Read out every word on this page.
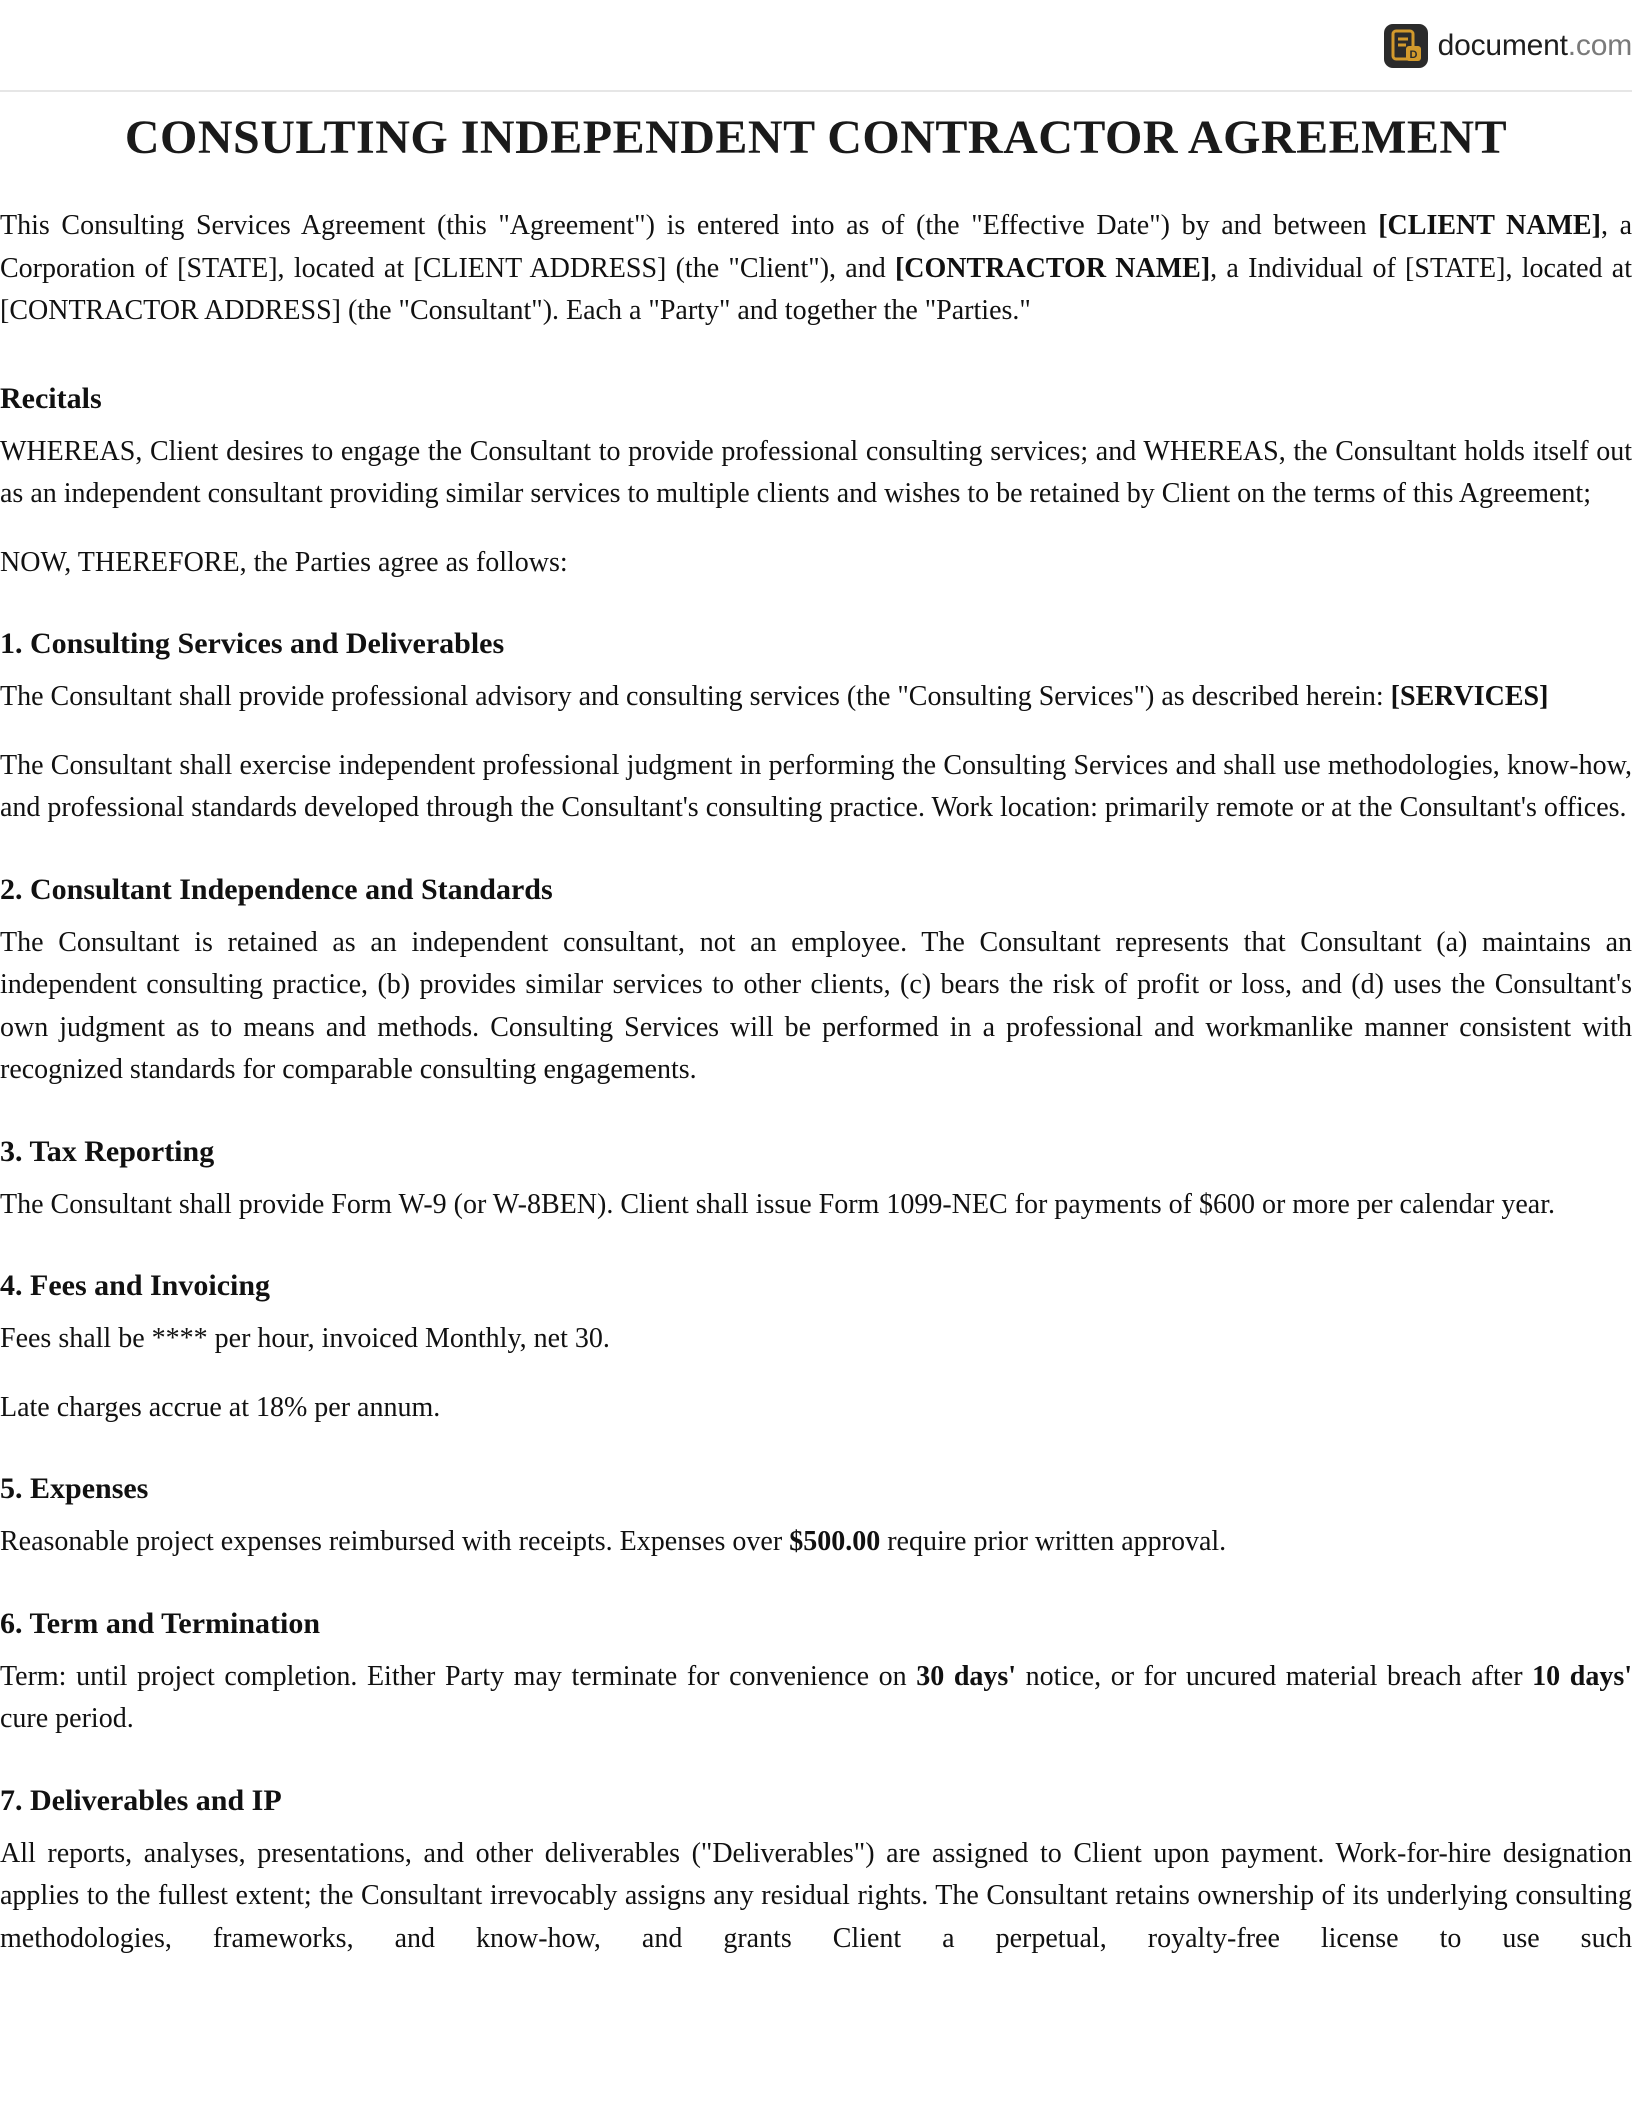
D document.com
CONSULTING INDEPENDENT CONTRACTOR AGREEMENT

This Consulting Services Agreement (this "Agreement") is entered into as of (the "Effective Date") by and between [CLIENT NAME], a Corporation of [STATE], located at [CLIENT ADDRESS] (the "Client"), and [CONTRACTOR NAME], a Individual of [STATE], located at [CONTRACTOR ADDRESS] (the "Consultant"). Each a "Party" and together the "Parties."

Recitals

WHEREAS, Client desires to engage the Consultant to provide professional consulting services; and WHEREAS, the Consultant holds itself out as an independent consultant providing similar services to multiple clients and wishes to be retained by Client on the terms of this Agreement;

NOW, THEREFORE, the Parties agree as follows:

1. Consulting Services and Deliverables

The Consultant shall provide professional advisory and consulting services (the "Consulting Services") as described herein: [SERVICES]

The Consultant shall exercise independent professional judgment in performing the Consulting Services and shall use methodologies, know-how, and professional standards developed through the Consultant's consulting practice. Work location: primarily remote or at the Consultant's offices.

2. Consultant Independence and Standards

The Consultant is retained as an independent consultant, not an employee. The Consultant represents that Consultant (a) maintains an independent consulting practice, (b) provides similar services to other clients, (c) bears the risk of profit or loss, and (d) uses the Consultant's own judgment as to means and methods. Consulting Services will be performed in a professional and workmanlike manner consistent with recognized standards for comparable consulting engagements.

3. Tax Reporting

The Consultant shall provide Form W-9 (or W-8BEN). Client shall issue Form 1099-NEC for payments of $600 or more per calendar year.

4. Fees and Invoicing

Fees shall be **** per hour, invoiced Monthly, net 30.

Late charges accrue at 18% per annum.

5. Expenses

Reasonable project expenses reimbursed with receipts. Expenses over $500.00 require prior written approval.

6. Term and Termination

Term: until project completion. Either Party may terminate for convenience on 30 days' notice, or for uncured material breach after 10 days' cure period.

7. Deliverables and IP

All reports, analyses, presentations, and other deliverables ("Deliverables") are assigned to Client upon payment. Work-for-hire designation applies to the fullest extent; the Consultant irrevocably assigns any residual rights. The Consultant retains ownership of its underlying consulting methodologies, frameworks, and know-how, and grants Client a perpetual, royalty-free license to use such
